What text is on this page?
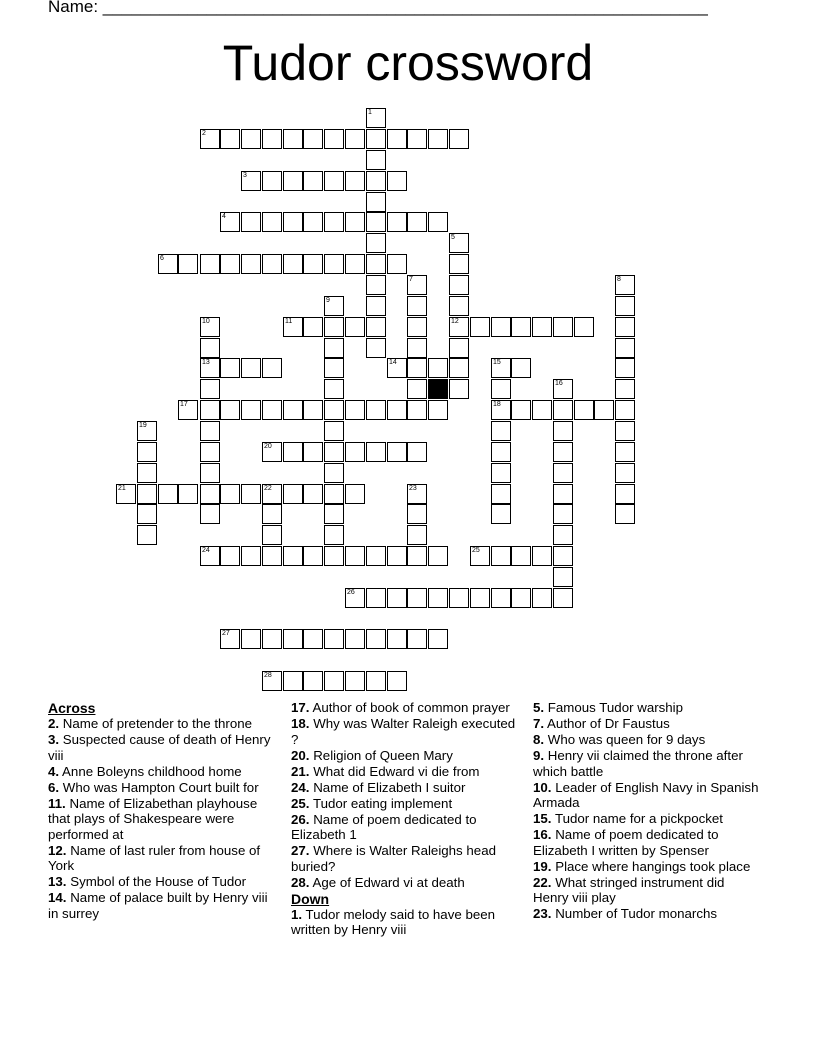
Name: ________________________________________________________________
Tudor crossword
2
1
3
4
5
6
7	8
9
10	11	12
13	14	15
16
17	18
19
20
21	22	23
24	25
26
27
28
Across
2. Name of pretender to the throne
3. Suspected cause of death of Henry viii
4. Anne Boleyns childhood home
6. Who was Hampton Court built for
11. Name of Elizabethan playhouse that plays of Shakespeare were performed at
12. Name of last ruler from house of York
13. Symbol of the House of Tudor
14. Name of palace built by Henry viii in surrey
17. Author of book of common prayer
18. Why was Walter Raleigh executed ?
20. Religion of Queen Mary
21. What did Edward vi die from
24. Name of Elizabeth I suitor
25. Tudor eating implement
26. Name of poem dedicated to Elizabeth 1
27. Where is Walter Raleighs head buried?
28. Age of Edward vi at death
Down
1. Tudor melody said to have been written by Henry viii
5. Famous Tudor warship
7. Author of Dr Faustus
8. Who was queen for 9 days
9. Henry vii claimed the throne after which battle
10. Leader of English Navy in Spanish Armada
15. Tudor name for a pickpocket
16. Name of poem dedicated to Elizabeth I written by Spenser
19. Place where hangings took place
22. What stringed instrument did Henry viii play
23. Number of Tudor monarchs
